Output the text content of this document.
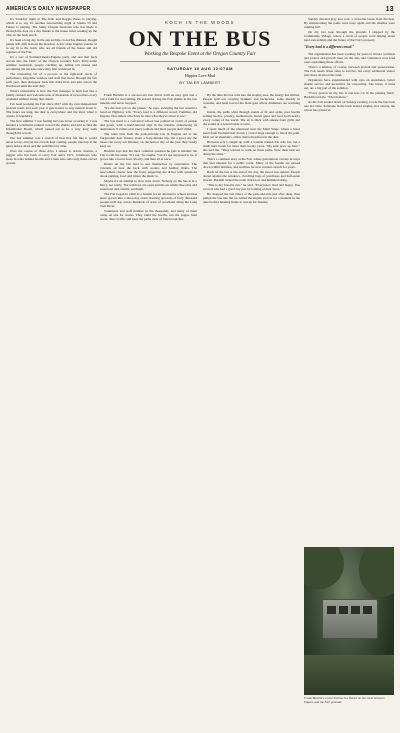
AMERICA'S DAILY NEWSPAPER	13

It's Saturday night at The Kiln and Reggie Bates is playing, which is to say it's another late-burning night at Studio 53 and Future is playing. The funky Oregon musician who has made it through the door on a day thanks to the house band, soaking up the vibe on the back porch.

It's been a long day in the sun and the crowd has thinned, though plenty still drift in from the meadow. A few older hippies wander in to say hi to the band, who are all friends of the house and old regulars of the Fair.

It's a sort of Portland-meets-Eugene party, and one that feels woven into the fabric of the Oregon Country Fair's thirty-some summer weekends, people catching up, telling old stories and recounting the decades since they first wandered in.

The interesting bit of a process is the tight-knit circle of performers, long-time vendors and staff that move through the fair each year, then disappear back into daily lives and jobs across the Northwest until the next July.

What's remarkable is how the Fair manages to both feel like a family reunion and welcome tens of thousands of newcomers every weekend without losing that charm.

I've been working the Fair since 2017 with my own independent podcast team, and each year it gets harder to stay neutral about it. The hours are long, the dust is everywhere and the mud, when it comes, is legendary.

The first summer I was feeling nervous about covering it. I was handed a wristband, pointed toward the shuttle and told to find the Information Booth, which turned out to be a very long walk through the woods.

Our last summer was a stretch of heat that felt like it would never let up, and yet the crowds kept coming, people lined up at the gates before dawn and the path filled by nine.

Over the course of three days, I talked to artists, healers, a juggler who has been at every Fair since 1971, volunteers who sleep in tents behind booths and a man who sells only hand-carved spoons.

KOCH IN THE WOODS
ON THE BUS
Working the Bespoke Event at the Oregon Country Fair
SATURDAY 10 AUG 12:07AM
Hippies Love Mud
BY TALER LAMBERT

Frank Bucklin is a six-foot-six bus driver with an easy grin and a voice built for storytelling. He started driving the Fair shuttle in the late nineties and never stopped.

"It's the best job on the planet," he says, swinging the bus around a bend on Highway 126. "Every load is a different crowd. Families, old hippies, first-timers who have no idea what they're about to see."

The bus itself is a converted school bus painted in swirls of purple and green, with a hand-lettered sign in the window announcing its destination. It rattles over every pothole and most people don't mind.

The route runs from the park-and-ride lots in Eugene out to the fairgrounds near Veneta, about a forty-minute trip. On a good day the buses run every ten minutes; on the hottest day of the year they barely keep up.

Bucklin says that the most common question he gets is whether the Fair is still the same. "It's not," he laughs, "but it's not supposed to be. It grows like a forest does. Slowly, and then all at once."

Riders on the bus tend to sort themselves by experience. The veterans sit near the back with coolers and folding chairs. The newcomers cluster near the front, peppering the driver with questions about parking, food and where the music is.

Maybe it's an attempt to slow time down. Nobody on the bus is in a hurry, not really. The windows are open and the air smells like pine and sunscreen and, faintly, patchouli.

The Fair began in 1969 as a benefit for an alternative school and has since grown into a three-day event drawing upwards of forty thousand people each day across hundreds of acres of woodland along the Long Tom River.

Volunteers and staff number in the thousands, and many of them camp on site for weeks. They build the booths, run the stages, haul water, direct traffic and keep the paths clear of fallen branches.

By the time the bus rolls into the staging area, the energy has shifted. People spill out carrying blankets and backpacks, some already in costume, and head toward the main gate where drummers are warming up.

Inside, the paths wind through stands of fir and cedar, past booths selling tie-dye, jewelry, leatherwork, blown glass and food from nearly every corner of the world. The air is thick with smoke from grills and the sound of a dozen bands at once.

I spent much of the afternoon near the Main Stage, where a brass band from Portland had drawn a crowd large enough to block the path. Kids sat on shoulders, elders danced barefoot in the dust.

Between acts I caught up with a woman named Iris who has run a small herb booth for more than twenty years. "My kids grew up here," she told me. "They learned to walk on these paths. Now their kids are doing the same."

That's a common story at the Fair, where generations overlap in ways that feel unusual for a public event. Many of the booths are passed down within families, and waitlists for new vendors stretch for years.

Back on the bus at the end of the day, the mood was quieter. People dozed against the windows, clutching bags of purchases and half-eaten snacks. Bucklin turned the radio down low and hummed along.

"This is my favorite run," he said. "Everyone's tired and happy. You can tell who had a good day just by looking at their faces."

He dropped the last riders at the park-and-ride just after dusk, then pulled the bus into the lot, killed the engine and sat for a moment in the quiet before heading home to rest up for Sunday.

Sunday dawned gray and cool, a welcome break from the heat. By mid-morning the paths were busy again and the shuttles were running full.

On my last loop through the grounds I stopped by the Community Village, where a circle of people were talking about land stewardship and the future of the Fair's property.

"Every load is a different crowd."

The organization has been working for years to restore wetlands and protect old-growth trees on the site, and volunteers now lead tours explaining those efforts.

There's a tension, of course, between growth and preservation. The Fair needs ticket sales to survive, but every additional visitor puts more strain on the land.

Organizers have experimented with caps on attendance, better shuttle service and incentives for carpooling. The buses, it turns out, are a big part of the solution.

"Every person on my bus is one less car in the parking field," Bucklin told me. "That matters."

As the Fair wound down on Sunday evening, I rode the bus back one last time. Someone in the back started singing and, slowly, the whole bus joined in.

Frank Bucklin's converted bus is a fixture on the route between Eugene and the Fair grounds.
